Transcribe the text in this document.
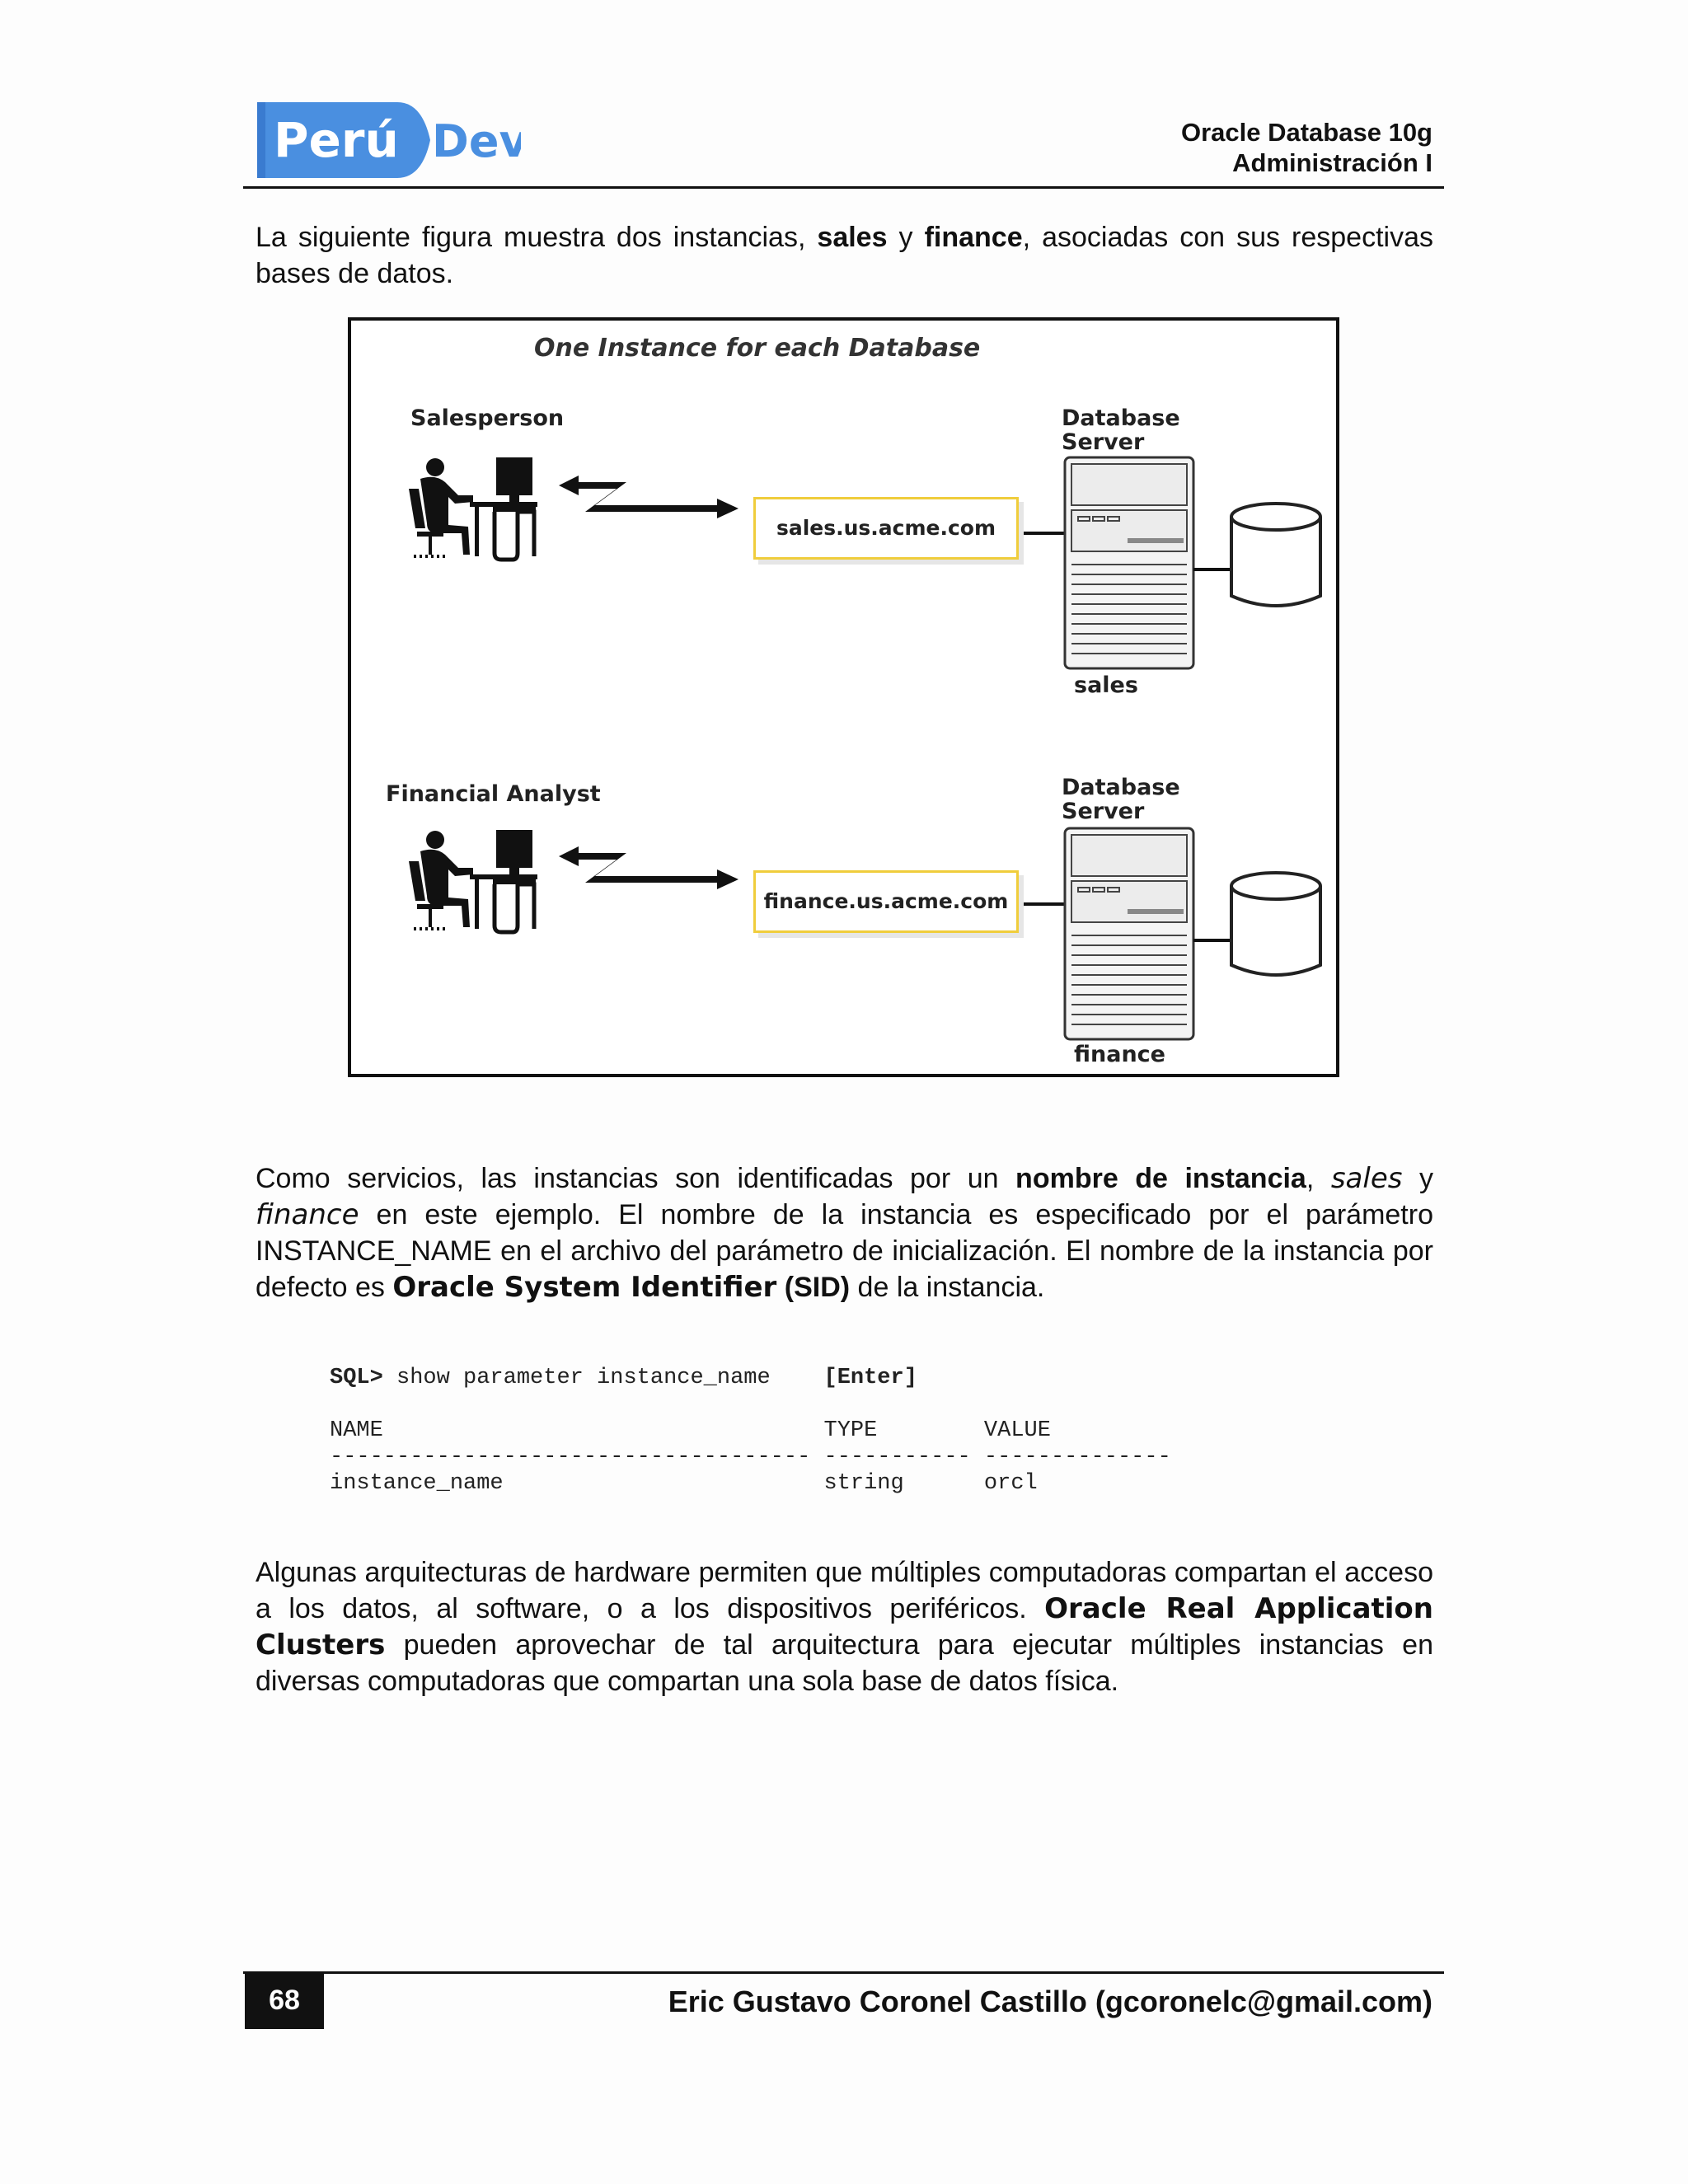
Perú Dev	Oracle Database 10g
Administración I
La siguiente figura muestra dos instancias, sales y finance, asociadas con sus respectivas bases de datos.
One Instance for each Database
Salesperson	Database
Server
sales.us.acme.com
sales
Financial Analyst	Database
Server
finance.us.acme.com
finance
Como servicios, las instancias son identificadas por un nombre de instancia, sales y finance en este ejemplo. El nombre de la instancia es especificado por el parámetro INSTANCE_NAME en el archivo del parámetro de inicialización. El nombre de la instancia por defecto es Oracle System Identifier (SID) de la instancia.
SQL> show parameter instance_name    [Enter]
NAME                                 TYPE        VALUE
------------------------------------ ----------- --------------
instance_name                        string      orcl
Algunas arquitecturas de hardware permiten que múltiples computadoras compartan el acceso a los datos, al software, o a los dispositivos periféricos. Oracle Real Application Clusters pueden aprovechar de tal arquitectura para ejecutar múltiples instancias en diversas computadoras que compartan una sola base de datos física.
68	Eric Gustavo Coronel Castillo (gcoronelc@gmail.com)
